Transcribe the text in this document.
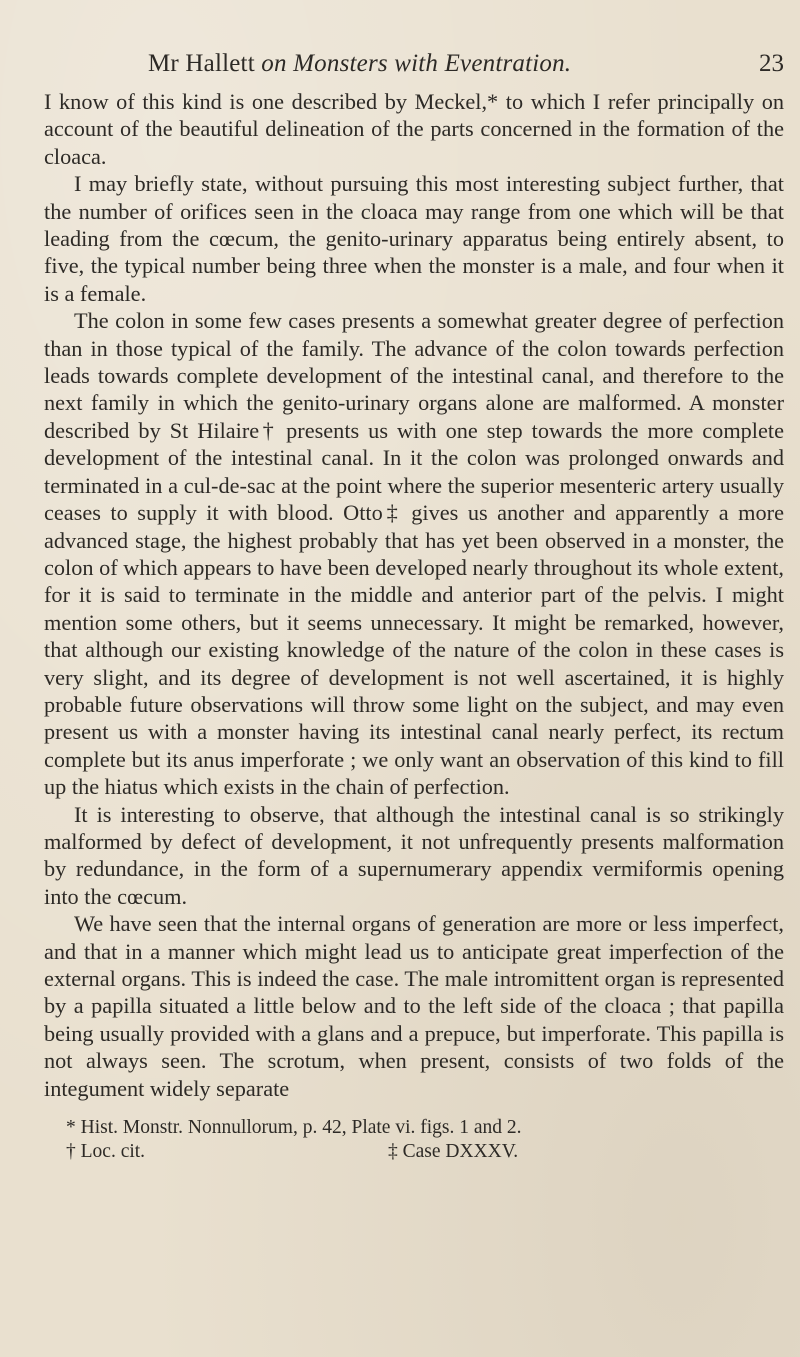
Mr Hallett on Monsters with Eventration.	23

I know of this kind is one described by Meckel,* to which I refer principally on account of the beautiful delineation of the parts concerned in the formation of the cloaca.

I may briefly state, without pursuing this most interesting subject further, that the number of orifices seen in the cloaca may range from one which will be that leading from the cœcum, the genito-urinary apparatus being entirely absent, to five, the typical number being three when the monster is a male, and four when it is a female.

The colon in some few cases presents a somewhat greater degree of perfection than in those typical of the family. The advance of the colon towards perfection leads towards complete development of the intestinal canal, and therefore to the next family in which the genito-urinary organs alone are malformed. A monster described by St Hilaire† presents us with one step towards the more complete development of the intestinal canal. In it the colon was prolonged onwards and terminated in a cul-de-sac at the point where the superior mesenteric artery usually ceases to supply it with blood. Otto‡ gives us another and apparently a more advanced stage, the highest probably that has yet been observed in a monster, the colon of which appears to have been developed nearly throughout its whole extent, for it is said to terminate in the middle and anterior part of the pelvis. I might mention some others, but it seems unnecessary. It might be remarked, however, that although our existing knowledge of the nature of the colon in these cases is very slight, and its degree of development is not well ascertained, it is highly probable future observations will throw some light on the subject, and may even present us with a monster having its intestinal canal nearly perfect, its rectum complete but its anus imperforate ; we only want an observation of this kind to fill up the hiatus which exists in the chain of perfection.

It is interesting to observe, that although the intestinal canal is so strikingly malformed by defect of development, it not unfrequently presents malformation by redundance, in the form of a supernumerary appendix vermiformis opening into the cœcum.

We have seen that the internal organs of generation are more or less imperfect, and that in a manner which might lead us to anticipate great imperfection of the external organs. This is indeed the case. The male intromittent organ is represented by a papilla situated a little below and to the left side of the cloaca ; that papilla being usually provided with a glans and a prepuce, but imperforate. This papilla is not always seen. The scrotum, when present, consists of two folds of the integument widely separate

* Hist. Monstr. Nonnullorum, p. 42, Plate vi. figs. 1 and 2.
† Loc. cit.	‡ Case DXXXV.
